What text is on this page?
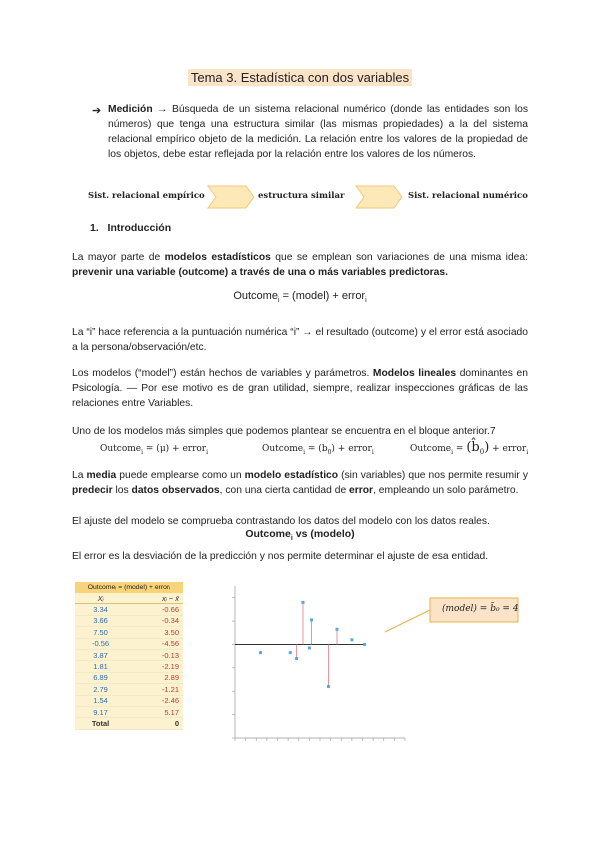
Tema 3. Estadística con dos variables
➔ Medición → Búsqueda de un sistema relacional numérico (donde las entidades son los números) que tenga una estructura similar (las mismas propiedades) a la del sistema relacional empírico objeto de la medición. La relación entre los valores de la propiedad de los objetos, debe estar reflejada por la relación entre los valores de los números.
Sist. relacional empírico	estructura similar	Sist. relacional numérico
1. Introducción
La mayor parte de modelos estadísticos que se emplean son variaciones de una misma idea: prevenir una variable (outcome) a través de una o más variables predictoras.
Outcome$_i$ = (model) + error$_i$
La “i” hace referencia a la puntuación numérica “i” → el resultado (outcome) y el error está asociado a la persona/observación/etc.
Los modelos (“model”) están hechos de variables y parámetros. Modelos lineales dominantes en Psicología. — Por ese motivo es de gran utilidad, siempre, realizar inspecciones gráficas de las relaciones entre Variables.
Uno de los modelos más simples que podemos plantear se encuentra en el bloque anterior.7
Outcome$_i$ = (μ) + error$_i$	Outcome$_i$ = $(b_0)$ + error$_i$	Outcome$_i$ = $(b̂_0)$ + error$_i$
La media puede emplearse como un modelo estadístico (sin variables) que nos permite resumir y predecir los datos observados, con una cierta cantidad de error, empleando un solo parámetro.
El ajuste del modelo se comprueba contrastando los datos del modelo con los datos reales.
Outcome$_i$ vs (modelo)
El error es la desviación de la predicción y nos permite determinar el ajuste de esa entidad.
Outcomeᵢ = (model) + errorᵢ
Xᵢ	xᵢ − x̄
3.34	-0.66
3.66	-0.34
7.50	3.50
-0.56	-4.56
3.87	-0.13
1.81	-2.19
6.89	2.89
2.79	-1.21
1.54	-2.46
9.17	5.17
Total	0
(model) = b̄₀ = 4
